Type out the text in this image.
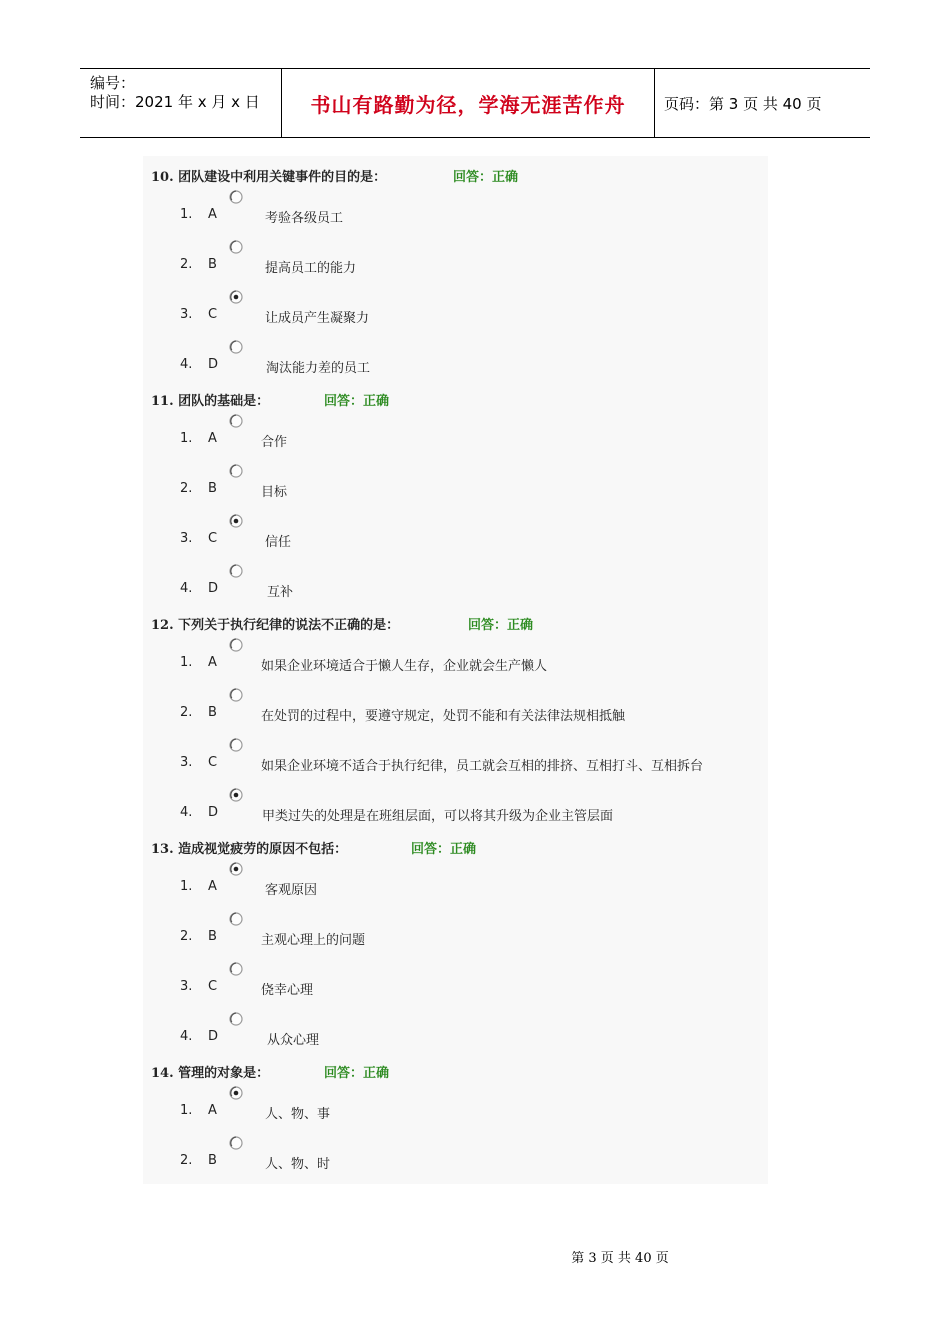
编号：
时间：2021 年 x 月 x 日	书山有路勤为径，学海无涯苦作舟	页码：第 3 页 共 40 页
10. 团队建设中利用关键事件的目的是：	回答：正确
1. A	考验各级员工
2. B	提高员工的能力
3. C	让成员产生凝聚力
4. D	淘汰能力差的员工
11. 团队的基础是：	回答：正确
1. A	合作
2. B	目标
3. C	信任
4. D	互补
12. 下列关于执行纪律的说法不正确的是：	回答：正确
1. A	如果企业环境适合于懒人生存，企业就会生产懒人
2. B	在处罚的过程中，要遵守规定，处罚不能和有关法律法规相抵触
3. C	如果企业环境不适合于执行纪律，员工就会互相的排挤、互相打斗、互相拆台
4. D	甲类过失的处理是在班组层面，可以将其升级为企业主管层面
13. 造成视觉疲劳的原因不包括：	回答：正确
1. A	客观原因
2. B	主观心理上的问题
3. C	侥幸心理
4. D	从众心理
14. 管理的对象是：	回答：正确
1. A	人、物、事
2. B	人、物、时
第 3 页 共 40 页
